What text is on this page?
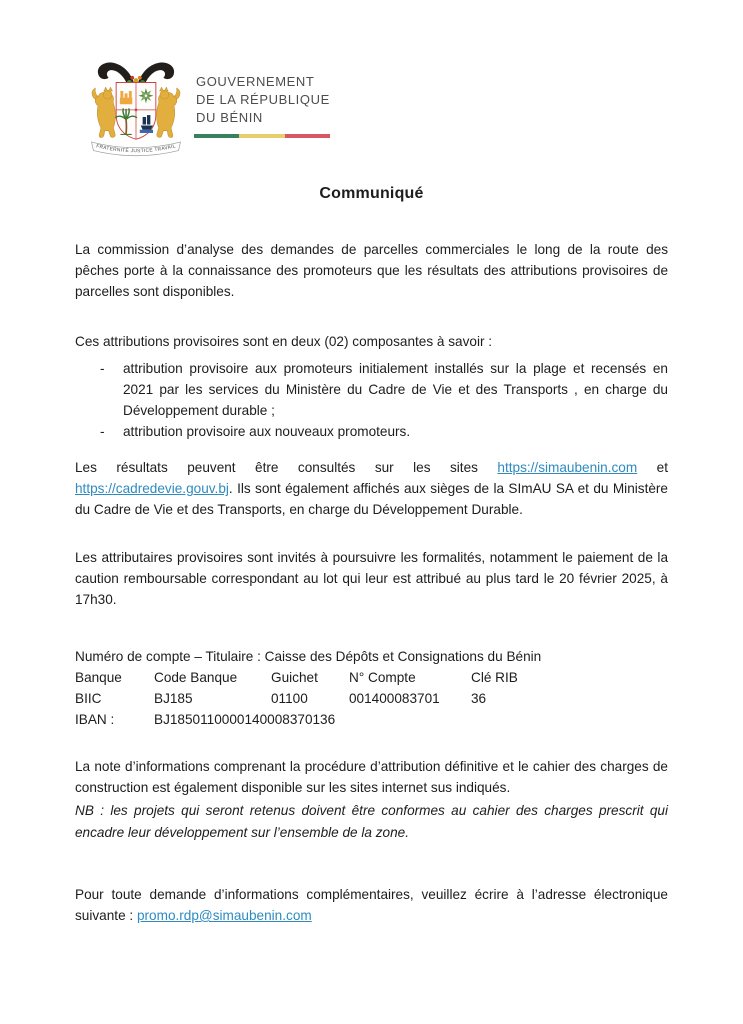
FRATERNITÉ JUSTICE TRAVAIL
GOUVERNEMENT
DE LA RÉPUBLIQUE
DU BÉNIN
Communiqué

La commission d’analyse des demandes de parcelles commerciales le long de la route des pêches porte à la connaissance des promoteurs que les résultats des attributions provisoires de parcelles sont disponibles.

Ces attributions provisoires sont en deux (02) composantes à savoir :

- attribution provisoire aux promoteurs initialement installés sur la plage et recensés en 2021 par les services du Ministère du Cadre de Vie et des Transports , en charge du Développement durable ;
- attribution provisoire aux nouveaux promoteurs.

Les résultats peuvent être consultés sur les sites https://simaubenin.com et https://cadredevie.gouv.bj. Ils sont également affichés aux sièges de la SImAU SA et du Ministère du Cadre de Vie et des Transports, en charge du Développement Durable.

Les attributaires provisoires sont invités à poursuivre les formalités, notamment le paiement de la caution remboursable correspondant au lot qui leur est attribué au plus tard le 20 février 2025, à 17h30.

Numéro de compte – Titulaire : Caisse des Dépôts et Consignations du Bénin
Banque	Code Banque	Guichet	N° Compte	Clé RIB
BIIC	BJ185	01100	001400083701	36
IBAN :	BJ1850110000140008370136

La note d’informations comprenant la procédure d’attribution définitive et le cahier des charges de construction est également disponible sur les sites internet sus indiqués.

NB : les projets qui seront retenus doivent être conformes au cahier des charges prescrit qui encadre leur développement sur l’ensemble de la zone.

Pour toute demande d’informations complémentaires, veuillez écrire à l’adresse électronique suivante : promo.rdp@simaubenin.com
